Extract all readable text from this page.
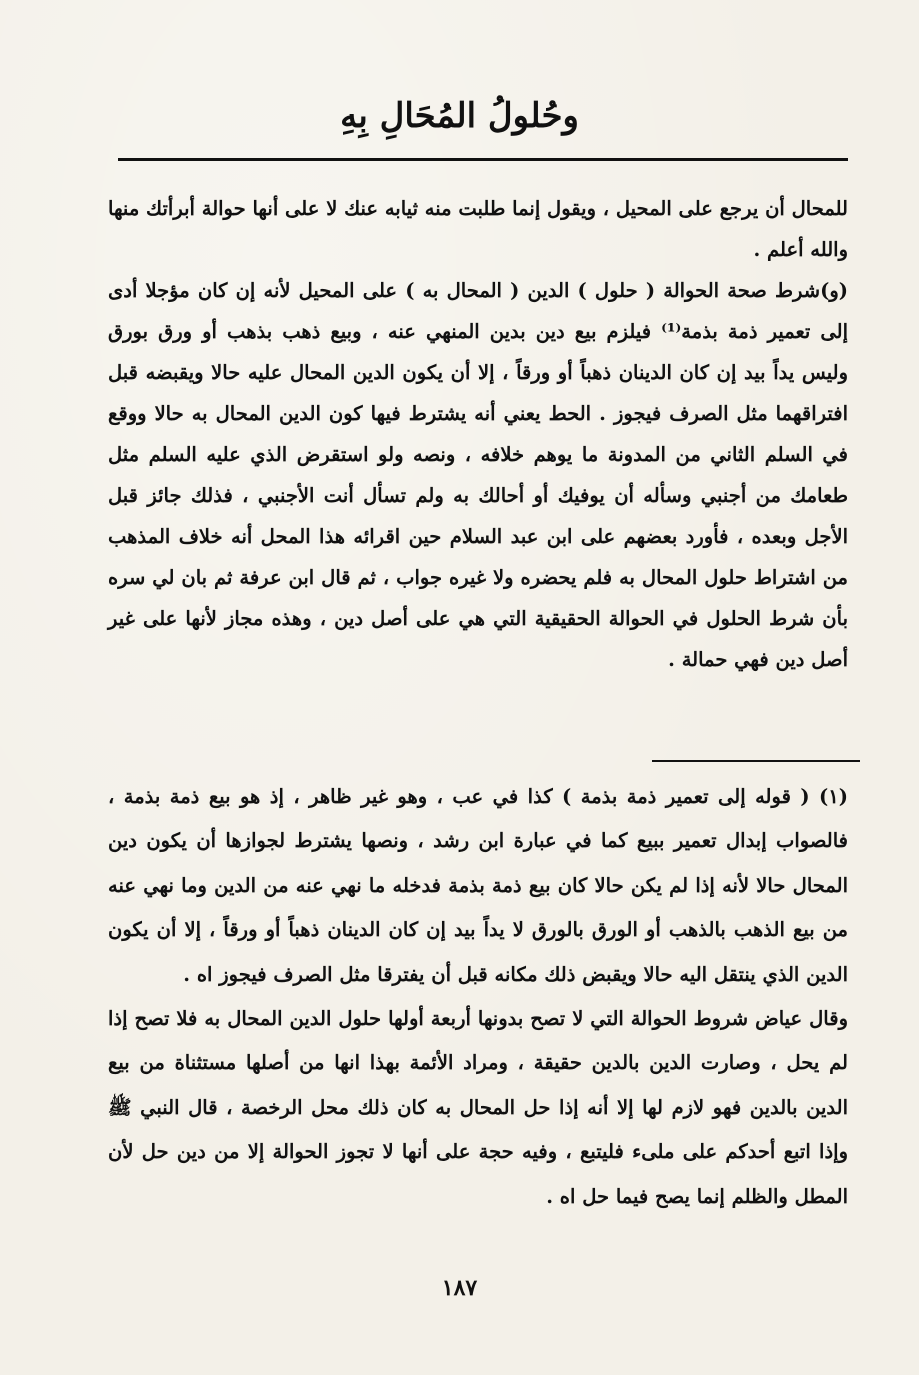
وحُلولُ المُحَالِ بِهِ

للمحال أن يرجع على المحيل ، ويقول إنما طلبت منه ثيابه عنك لا على أنها حوالة أبرأتك منها والله أعلم .

(و)شرط صحة الحوالة ( حلول ) الدين ( المحال به ) على المحيل لأنه إن كان مؤجلا أدى إلى تعمير ذمة بذمة⁽¹⁾ فيلزم بيع دين بدين المنهي عنه ، وبيع ذهب بذهب أو ورق بورق وليس يداً بيد إن كان الدينان ذهباً أو ورقاً ، إلا أن يكون الدين المحال عليه حالا ويقبضه قبل افتراقهما مثل الصرف فيجوز . الحط يعني أنه يشترط فيها كون الدين المحال به حالا ووقع في السلم الثاني من المدونة ما يوهم خلافه ، ونصه ولو استقرض الذي عليه السلم مثل طعامك من أجنبي وسأله أن يوفيك أو أحالك به ولم تسأل أنت الأجنبي ، فذلك جائز قبل الأجل وبعده ، فأورد بعضهم على ابن عبد السلام حين اقرائه هذا المحل أنه خلاف المذهب من اشتراط حلول المحال به فلم يحضره ولا غيره جواب ، ثم قال ابن عرفة ثم بان لي سره بأن شرط الحلول في الحوالة الحقيقية التي هي على أصل دين ، وهذه مجاز لأنها على غير أصل دين فهي حمالة .

(١) ( قوله إلى تعمير ذمة بذمة ) كذا في عب ، وهو غير ظاهر ، إذ هو بيع ذمة بذمة ، فالصواب إبدال تعمير ببيع كما في عبارة ابن رشد ، ونصها يشترط لجوازها أن يكون دين المحال حالا لأنه إذا لم يكن حالا كان بيع ذمة بذمة فدخله ما نهي عنه من الدين وما نهي عنه من بيع الذهب بالذهب أو الورق بالورق لا يداً بيد إن كان الدينان ذهباً أو ورقاً ، إلا أن يكون الدين الذي ينتقل اليه حالا ويقبض ذلك مكانه قبل أن يفترقا مثل الصرف فيجوز اه .

وقال عياض شروط الحوالة التي لا تصح بدونها أربعة أولها حلول الدين المحال به فلا تصح إذا لم يحل ، وصارت الدين بالدين حقيقة ، ومراد الأئمة بهذا انها من أصلها مستثناة من بيع الدين بالدين فهو لازم لها إلا أنه إذا حل المحال به كان ذلك محل الرخصة ، قال النبي ﷺ وإذا اتبع أحدكم على ملىء فليتبع ، وفيه حجة على أنها لا تجوز الحوالة إلا من دين حل لأن المطل والظلم إنما يصح فيما حل اه .

١٨٧
